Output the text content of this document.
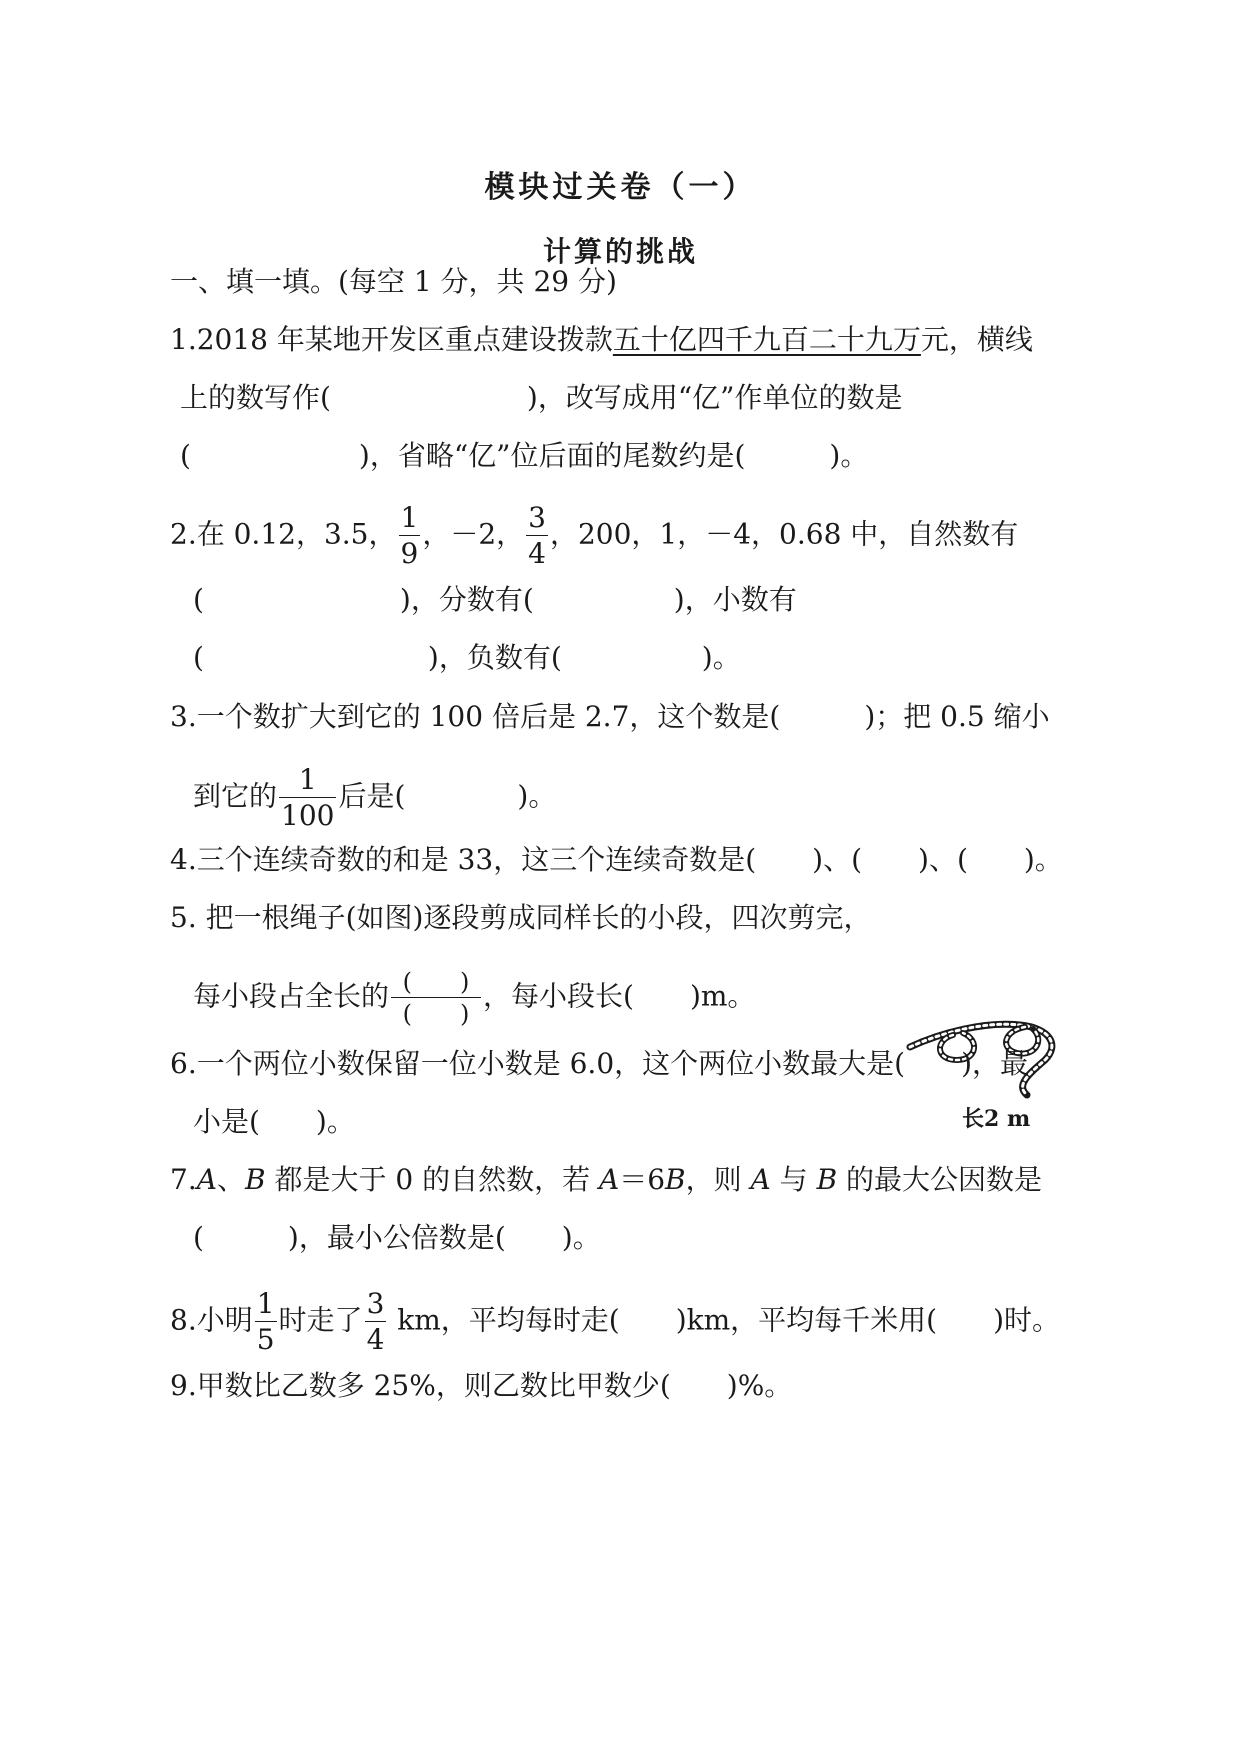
模块过关卷（一）
计算的挑战
一、填一填。(每空 1 分，共 29 分)
1.2018 年某地开发区重点建设拨款五十亿四千九百二十九万元，横线
上的数写作(　　　　　　　)，改写成用“亿”作单位的数是
(　　　　　　)，省略“亿”位后面的尾数约是(　　　)。
2.在 0.12，3.5， $\frac{1}{9}$ ，－2， $\frac{3}{4}$ ，200，1，－4，0.68 中，自然数有
(　　　　　　　)，分数有(　　　　　)，小数有
(　　　　　　　　)，负数有(　　　　　)。
3.一个数扩大到它的 100 倍后是 2.7，这个数是(　　　)；把 0.5 缩小
到它的 $\frac{1}{100}$ 后是(　　　　)。
4.三个连续奇数的和是 33，这三个连续奇数是(　　)、(　　)、(　　)。
5. 把一根绳子(如图)逐段剪成同样长的小段，四次剪完，
每小段占全长的 $\frac{( )}{( )}$ ，每小段长(　　)m。
长2 m
6.一个两位小数保留一位小数是 6.0，这个两位小数最大是(　　)，最
小是(　　)。
7.A、B 都是大于 0 的自然数，若 A＝6B，则 A 与 B 的最大公因数是
(　　　)，最小公倍数是(　　)。
8.小明 $\frac{1}{5}$ 时走了 $\frac{3}{4}$ km，平均每时走(　　)km，平均每千米用(　　)时。
9.甲数比乙数多 25%，则乙数比甲数少(　　)%。
